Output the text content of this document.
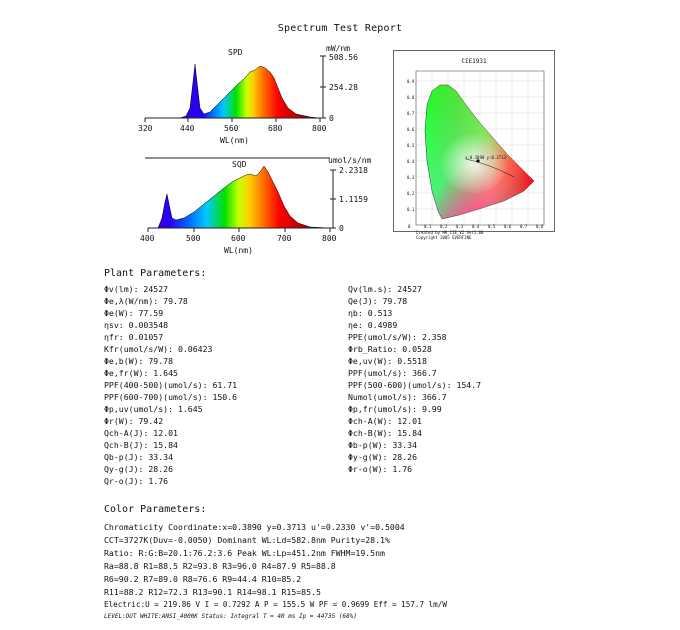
Spectrum Test Report
SPD	mW/nm
508.56
254.28
0
320	440	560	680	800
WL(nm)
SQD	umol/s/nm
2.2318
1.1159
0
400	500	600	700	800
WL(nm)
CIE1931
x:0.3890 y:0.3713
0	0.1 0.2 0.3 0.4 0.5 0.6 0.7 0.8
0.9
0.8
0.7
0.6
0.5
0.4
0.3
0.2
0.1
Created by HK_CIE_V2 Ver1.00
Copyright 2005 EVERFINE
Plant Parameters:
Φv(lm): 24527
Φe,λ(W/nm): 79.78
Φe(W): 77.59
ηsv: 0.003548
ηfr: 0.01057
Kfr(umol/s/W): 0.06423
Φe,b(W): 79.78
Φe,fr(W): 1.645
PPF(400-500)(umol/s): 61.71
PPF(600-700)(umol/s): 150.6
Φp,uv(umol/s): 1.645
Φr(W): 79.42
Qch-A(J): 12.01
Qch-B(J): 15.84
Qb-p(J): 33.34
Qy-g(J): 28.26
Qr-o(J): 1.76
Qv(lm.s): 24527
Qe(J): 79.78
ηb: 0.513
ηe: 0.4989
PPE(umol/s/W): 2.358
Φrb_Ratio: 0.0528
Φe,uv(W): 0.5518
PPF(umol/s): 366.7
PPF(500-600)(umol/s): 154.7
Numol(umol/s): 366.7
Φp,fr(umol/s): 9.99
Φch-A(W): 12.01
Φch-B(W): 15.84
Φb-p(W): 33.34
Φy-g(W): 28.26
Φr-o(W): 1.76
Color Parameters:
Chromaticity Coordinate:x=0.3890 y=0.3713 u'=0.2330 v'=0.5004
CCT=3727K(Duv=-0.0050) Dominant WL:Ld=582.8nm Purity=28.1%
Ratio: R:G:B=20.1:76.2:3.6 Peak WL:Lp=451.2nm FWHM=19.5nm
Ra=88.8 R1=88.5 R2=93.8 R3=96.0 R4=87.9 R5=88.8
R6=90.2 R7=89.0 R8=76.6 R9=44.4 R10=85.2
R11=88.2 R12=72.3 R13=90.1 R14=98.1 R15=85.5
Electric:U = 219.86 V I = 0.7292 A P = 155.5 W PF = 0.9699 Eff = 157.7 lm/W
LEVEL:OUT WHITE:ANSI_4000K Status: Integral T = 40 ms Ip = 44735 (68%)
